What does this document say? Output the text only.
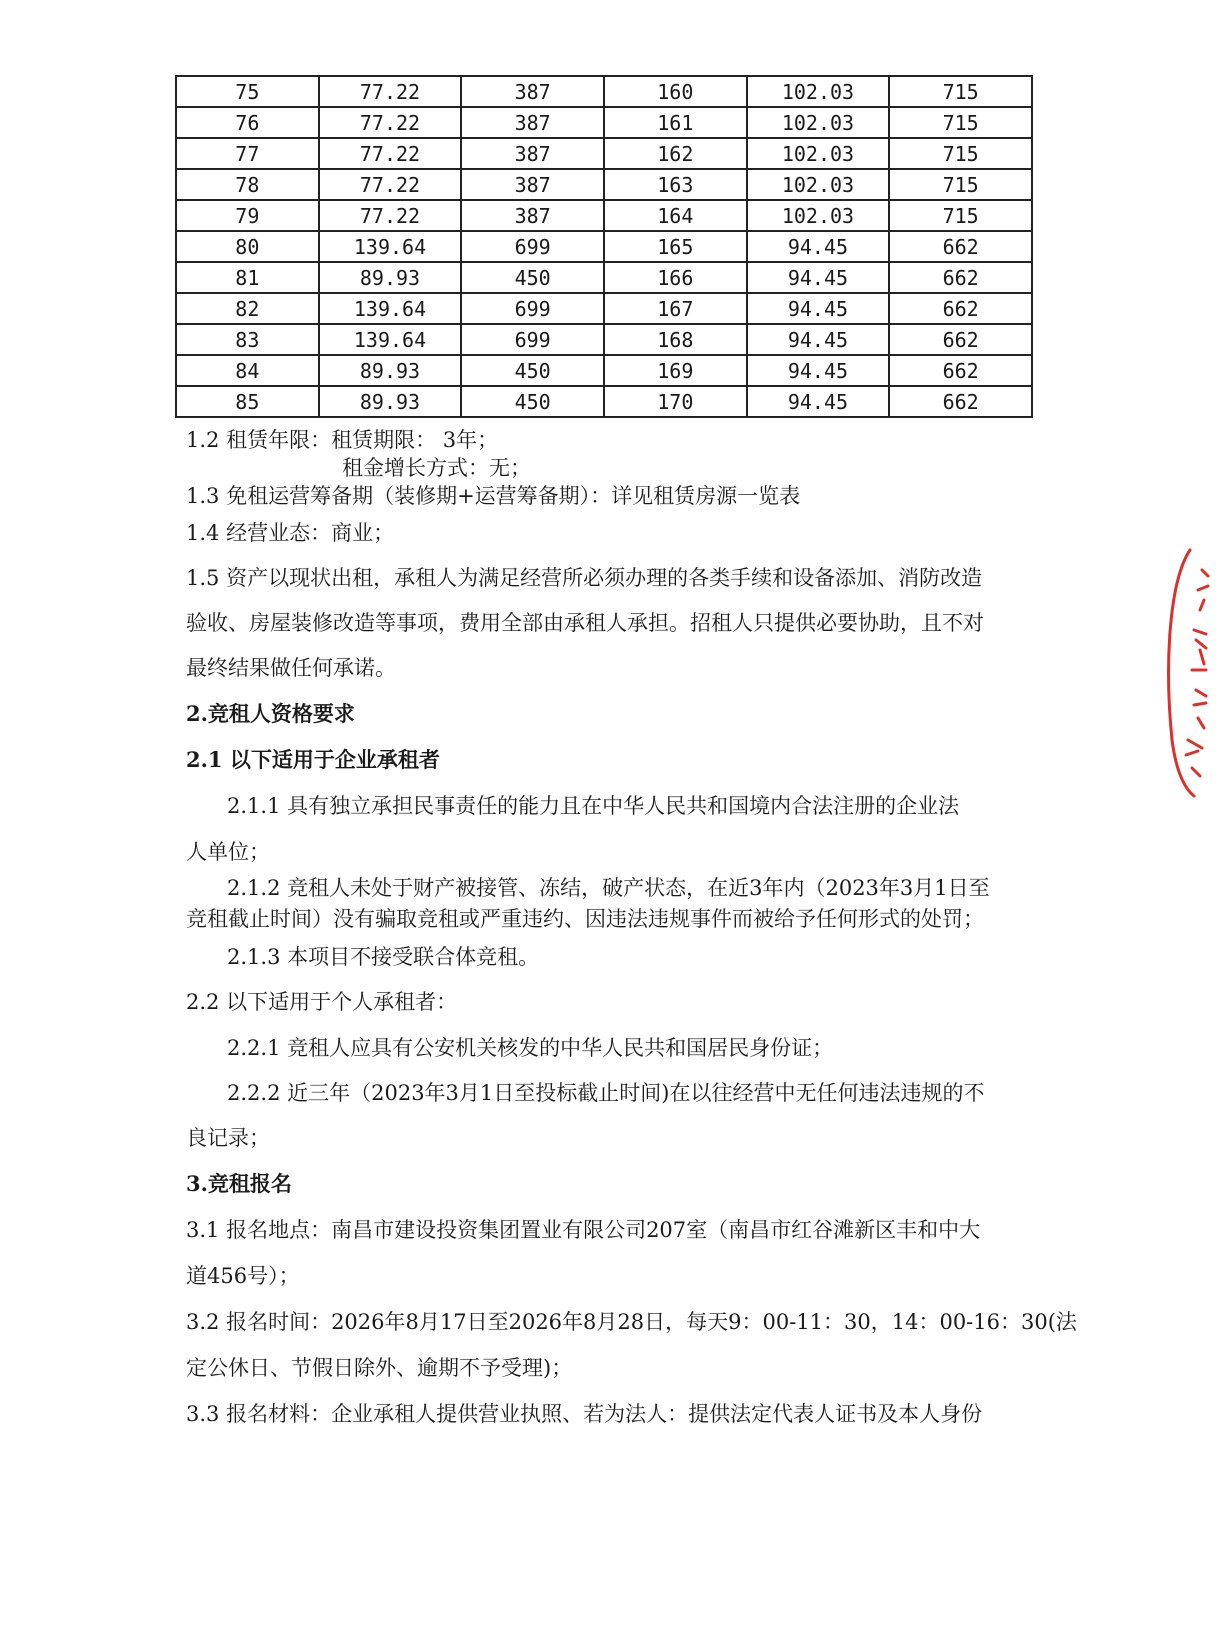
75	77.22	387	160	102.03	715
76	77.22	387	161	102.03	715
77	77.22	387	162	102.03	715
78	77.22	387	163	102.03	715
79	77.22	387	164	102.03	715
80	139.64	699	165	94.45	662
81	89.93	450	166	94.45	662
82	139.64	699	167	94.45	662
83	139.64	699	168	94.45	662
84	89.93	450	169	94.45	662
85	89.93	450	170	94.45	662
1.2 租赁年限：租赁期限： 3年；
租金增长方式：无；
1.3 免租运营筹备期（装修期+运营筹备期）：详见租赁房源一览表
1.4 经营业态：商业；
1.5 资产以现状出租，承租人为满足经营所必须办理的各类手续和设备添加、消防改造
验收、房屋装修改造等事项，费用全部由承租人承担。招租人只提供必要协助，且不对
最终结果做任何承诺。
2.竞租人资格要求
2.1 以下适用于企业承租者
2.1.1 具有独立承担民事责任的能力且在中华人民共和国境内合法注册的企业法
人单位；
2.1.2 竞租人未处于财产被接管、冻结，破产状态，在近3年内（2023年3月1日至
竞租截止时间）没有骗取竞租或严重违约、因违法违规事件而被给予任何形式的处罚；
2.1.3 本项目不接受联合体竞租。
2.2 以下适用于个人承租者：
2.2.1 竞租人应具有公安机关核发的中华人民共和国居民身份证；
2.2.2 近三年（2023年3月1日至投标截止时间)在以往经营中无任何违法违规的不
良记录；
3.竞租报名
3.1 报名地点：南昌市建设投资集团置业有限公司207室（南昌市红谷滩新区丰和中大
道456号）；
3.2 报名时间：2026年8月17日至2026年8月28日，每天9：00-11：30，14：00-16：30(法
定公休日、节假日除外、逾期不予受理)；
3.3 报名材料：企业承租人提供营业执照、若为法人：提供法定代表人证书及本人身份
